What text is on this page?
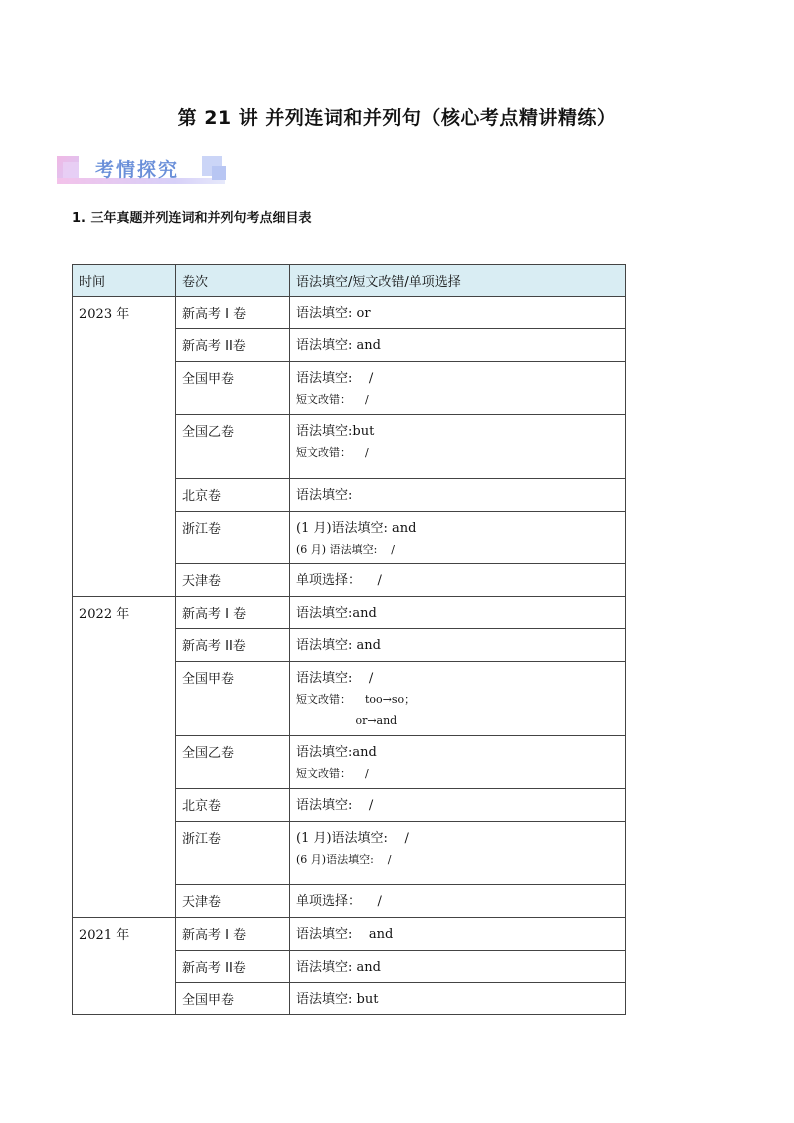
第 21 讲 并列连词和并列句（核心考点精讲精练）
考情探究
1. 三年真题并列连词和并列句考点细目表
时间	卷次	语法填空/短文改错/单项选择
2023 年	新高考 I 卷	语法填空: or

	新高考 II卷	语法填空: and

	全国甲卷	语法填空:    /
短文改错：    /

	全国乙卷	语法填空:but
短文改错：    /

	北京卷	语法填空:

	浙江卷	(1 月)语法填空: and
(6 月) 语法填空:    /

	天津卷	单项选择：    /

2022 年	新高考 I 卷	语法填空:and

	新高考 II卷	语法填空: and

	全国甲卷	语法填空:    /
短文改错：    too→so；
or→and

	全国乙卷	语法填空:and
短文改错：    /

	北京卷	语法填空:    /

	浙江卷	(1 月)语法填空:    /
(6 月)语法填空:    /

	天津卷	单项选择：    /

2021 年	新高考 I 卷	语法填空:    and

	新高考 II卷	语法填空: and

	全国甲卷	语法填空: but
